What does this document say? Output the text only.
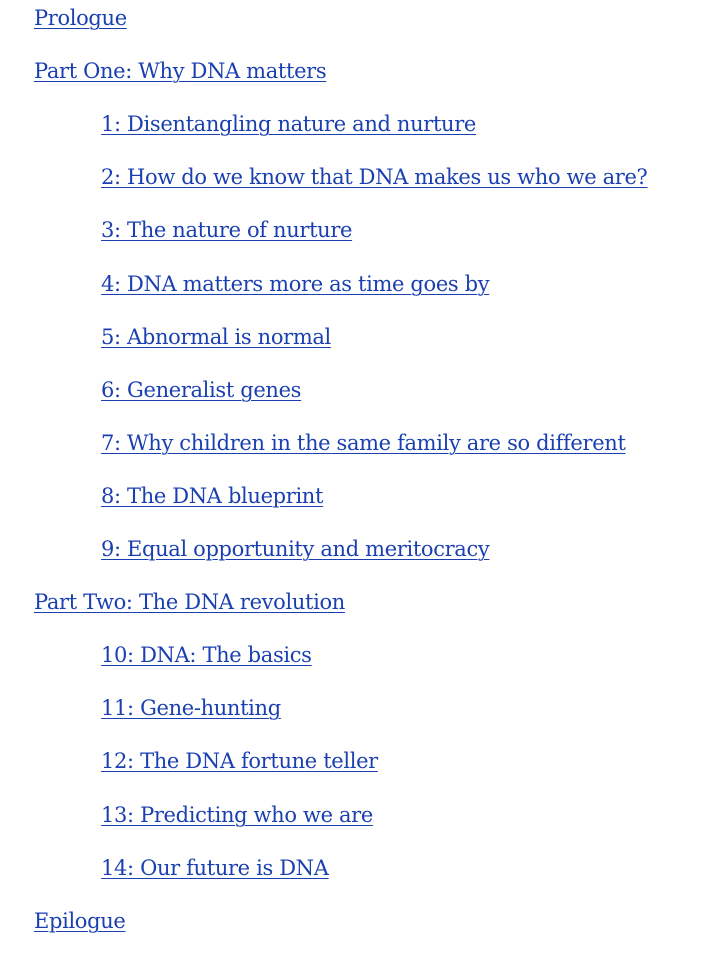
Prologue
Part One: Why DNA matters
1: Disentangling nature and nurture
2: How do we know that DNA makes us who we are?
3: The nature of nurture
4: DNA matters more as time goes by
5: Abnormal is normal
6: Generalist genes
7: Why children in the same family are so different
8: The DNA blueprint
9: Equal opportunity and meritocracy
Part Two: The DNA revolution
10: DNA: The basics
11: Gene-hunting
12: The DNA fortune teller
13: Predicting who we are
14: Our future is DNA
Epilogue
